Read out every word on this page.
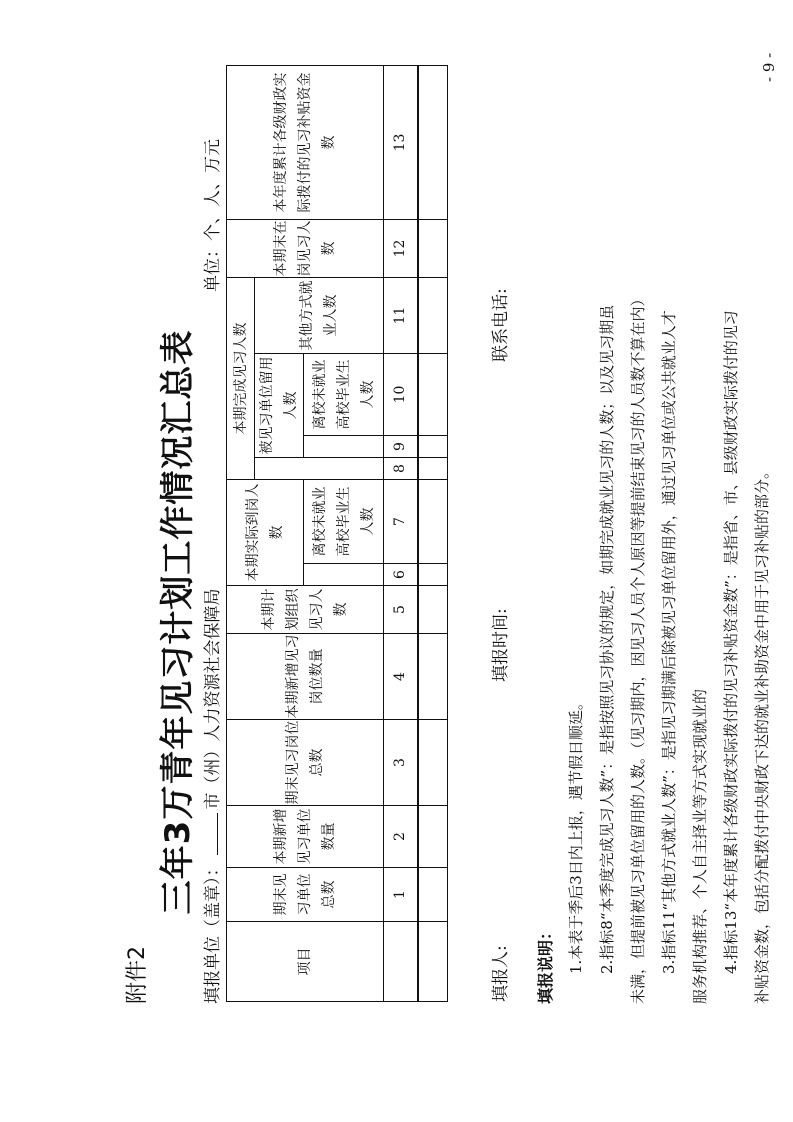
附件2
三年3万青年见习计划工作情况汇总表
填报单位（盖章）：市（州）人力资源社会保障局
单位：个、人、万元
项目	期末见习单位总数	本期新增见习单位数量	期末见习岗位总数	本期新增见习岗位数量	本期计划组织见习人数	本期实际到岗人数		本期完成见习人数				本期末在岗见习人数	本年度累计各级财政实际拨付的见习补贴资金数
									被见习单位留用人数		其他方式就业人数		
							离校未就业高校毕业生人数			离校未就业高校毕业生人数			

	1	2	3	4	5	6	7	8	9	10	11	12	13

填报人:
填报时间:
联系电话:
填报说明： 1.本表于季后3日内上报，遇节假日顺延。 2.指标8“本季度完成见习人数”：是指按照见习协议的规定，如期完成就业见习的人数；以及见习期虽 未满，但提前被见习单位留用的人数。（见习期内，因见习人员个人原因等提前结束见习的人员数不算在内） 3.指标11“其他方式就业人数”：是指见习期满后除被见习单位留用外，通过见习单位或公共就业人才 服务机构推荐、个人自主择业等方式实现就业的 4.指标13“本年度累计各级财政实际拨付的见习补贴资金数”：是指省、市、县级财政实际拨付的见习 补贴资金数，包括分配拨付中央财政下达的就业补助资金中用于见习补贴的部分。
- 9 -
